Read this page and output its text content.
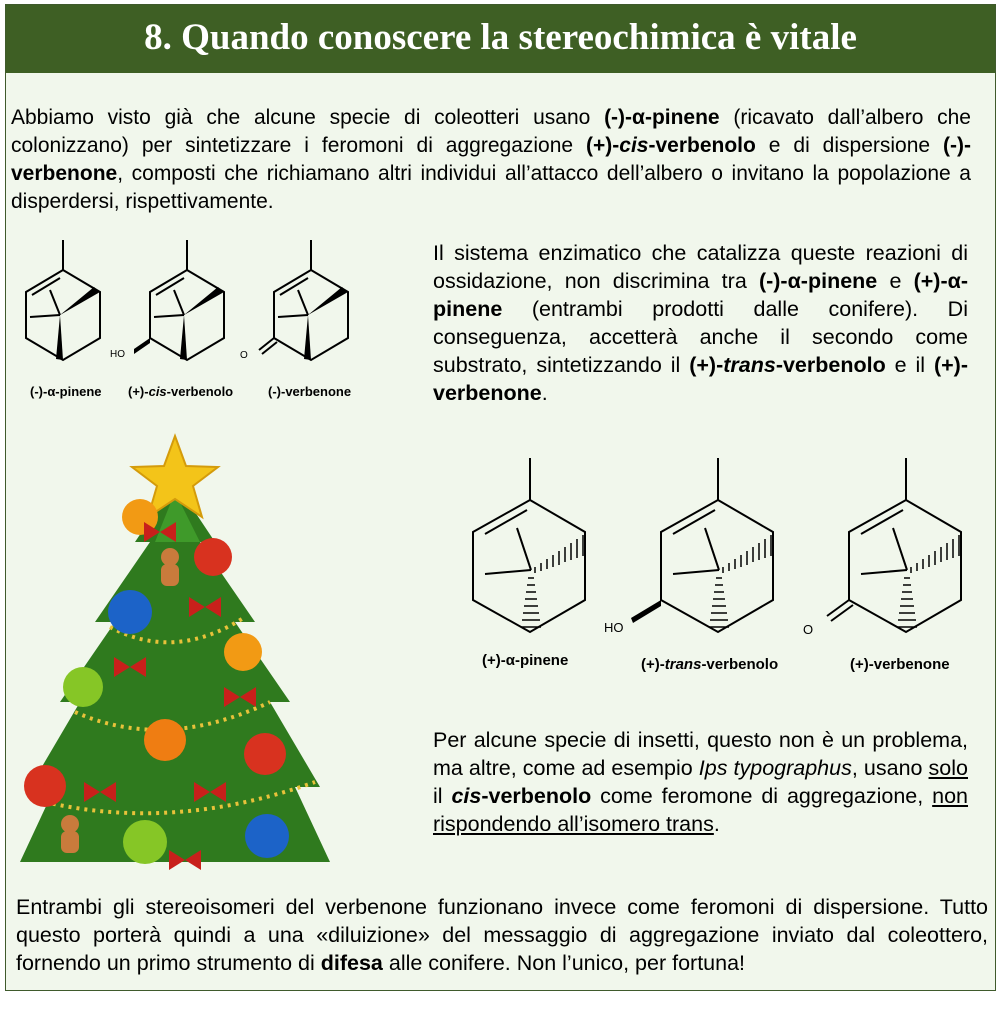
8. Quando conoscere la stereochimica è vitale
Abbiamo visto già che alcune specie di coleotteri usano (-)-α-pinene (ricavato dall’albero che colonizzano) per sintetizzare i feromoni di aggregazione (+)-cis-verbenolo e di dispersione (-)-verbenone, composti che richiamano altri individui all’attacco dell’albero o invitano la popolazione a disperdersi, rispettivamente.
HO	O
(-)-α-pinene (+)-cis-verbenolo	(-)-verbenone
Il sistema enzimatico che catalizza queste reazioni di ossidazione, non discrimina tra (-)-α-pinene e (+)-α-pinene (entrambi prodotti dalle conifere). Di conseguenza, accetterà anche il secondo come substrato, sintetizzando il (+)-trans-verbenolo e il (+)-verbenone.
HO	O
(+)-α-pinene	(+)-trans-verbenolo	(+)-verbenone
Per alcune specie di insetti, questo non è un problema, ma altre, come ad esempio Ips typographus, usano solo il cis-verbenolo come feromone di aggregazione, non rispondendo all’isomero trans.
Entrambi gli stereoisomeri del verbenone funzionano invece come feromoni di dispersione. Tutto questo porterà quindi a una «diluizione» del messaggio di aggregazione inviato dal coleottero, fornendo un primo strumento di difesa alle conifere. Non l’unico, per fortuna!
